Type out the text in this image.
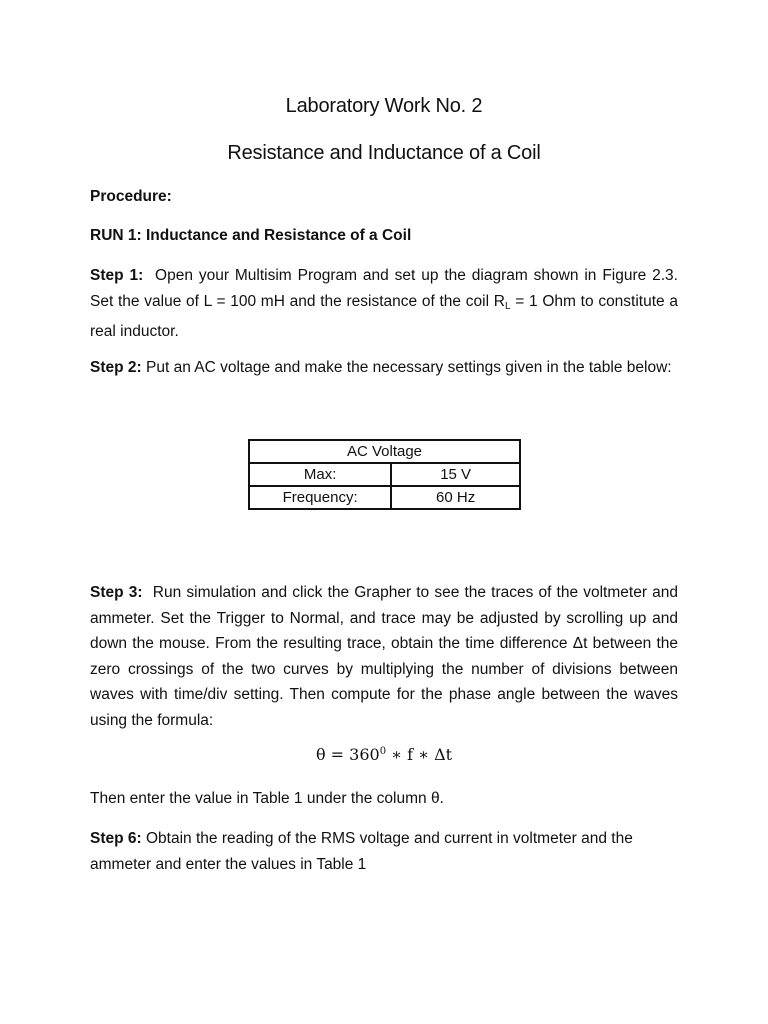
Laboratory Work No. 2
Resistance and Inductance of a Coil
Procedure:
RUN 1: Inductance and Resistance of a Coil
Step 1: Open your Multisim Program and set up the diagram shown in Figure 2.3. Set the value of L = 100 mH and the resistance of the coil $R_L = 1$ Ohm to constitute a real inductor.
Step 2: Put an AC voltage and make the necessary settings given in the table below:
AC Voltage	
Max:	15 V
Frequency:	60 Hz
Step 3: Run simulation and click the Grapher to see the traces of the voltmeter and ammeter. Set the Trigger to Normal, and trace may be adjusted by scrolling up and down the mouse. From the resulting trace, obtain the time difference Δt between the zero crossings of the two curves by multiplying the number of divisions between waves with time/div setting. Then compute for the phase angle between the waves using the formula:
$\theta = 360^0$ ∗ f ∗ Δt
Then enter the value in Table 1 under the column θ.
Step 6: Obtain the reading of the RMS voltage and current in voltmeter and the ammeter and enter the values in Table 1
